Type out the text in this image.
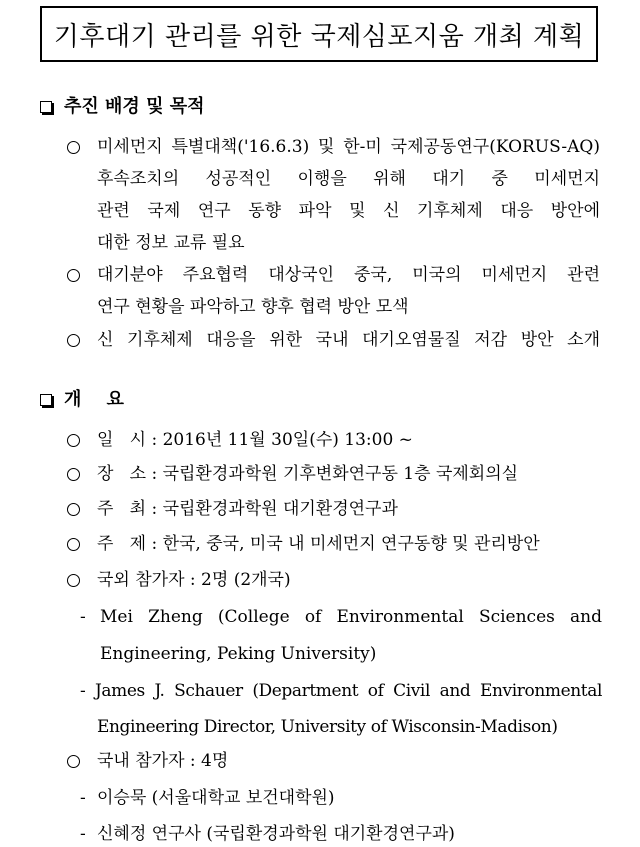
기후대기 관리를 위한 국제심포지움 개최 계획
추진 배경 및 목적
미세먼지 특별대책('16.6.3) 및 한-미 국제공동연구(KORUS-AQ)
후속조치의 성공적인 이행을 위해 대기 중 미세먼지
관련 국제 연구 동향 파악 및 신 기후체제 대응 방안에
대한 정보 교류 필요
대기분야 주요협력 대상국인 중국, 미국의 미세먼지 관련
연구 현황을 파악하고 향후 협력 방안 모색
신 기후체제 대응을 위한 국내 대기오염물질 저감 방안 소개
개    요
일   시 : 2016년 11월 30일(수) 13:00 ~
장   소 : 국립환경과학원 기후변화연구동 1층 국제회의실
주   최 : 국립환경과학원 대기환경연구과
주   제 : 한국, 중국, 미국 내 미세먼지 연구동향 및 관리방안
국외 참가자 : 2명 (2개국)
- Mei Zheng (College of Environmental Sciences and
Engineering, Peking University)
- James J. Schauer (Department of Civil and Environmental
Engineering Director, University of Wisconsin-Madison)
국내 참가자 : 4명
- 이승묵 (서울대학교 보건대학원)
- 신혜정 연구사 (국립환경과학원 대기환경연구과)
